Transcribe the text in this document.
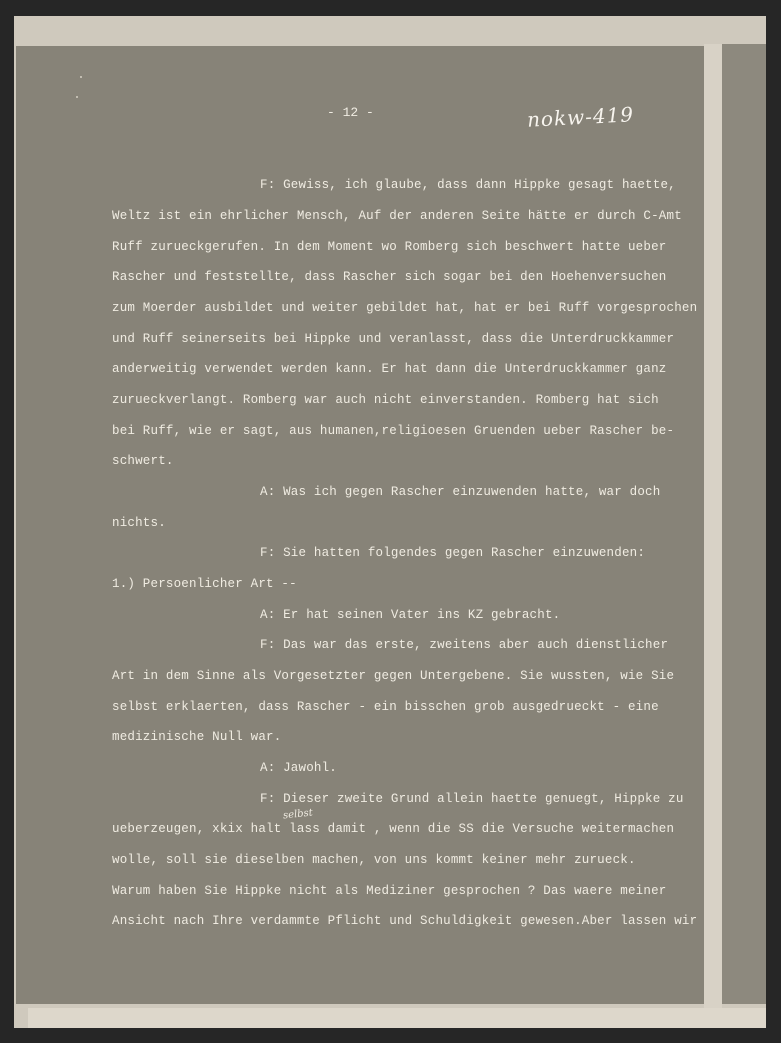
- 12 -	nokw-419
F: Gewiss, ich glaube, dass dann Hippke gesagt haette,
Weltz ist ein ehrlicher Mensch, Auf der anderen Seite hätte er durch C-Amt
Ruff zurueckgerufen. In dem Moment wo Romberg sich beschwert hatte ueber
Rascher und feststellte, dass Rascher sich sogar bei den Hoehenversuchen
zum Moerder ausbildet und weiter gebildet hat, hat er bei Ruff vorgesprochen
und Ruff seinerseits bei Hippke und veranlasst, dass die Unterdruckkammer
anderweitig verwendet werden kann. Er hat dann die Unterdruckkammer ganz
zurueckverlangt. Romberg war auch nicht einverstanden. Romberg hat sich
bei Ruff, wie er sagt, aus humanen,religioesen Gruenden ueber Rascher be-
schwert.
A: Was ich gegen Rascher einzuwenden hatte, war doch
nichts.
F: Sie hatten folgendes gegen Rascher einzuwenden:
1.) Persoenlicher Art --
A: Er hat seinen Vater ins KZ gebracht.
F: Das war das erste, zweitens aber auch dienstlicher
Art in dem Sinne als Vorgesetzter gegen Untergebene. Sie wussten, wie Sie
selbst erklaerten, dass Rascher - ein bisschen grob ausgedrueckt - eine
medizinische Null war.
A: Jawohl.
F: Dieser zweite Grund allein haette genuegt, Hippke zu
selbst
ueberzeugen, xkix halt lass damit , wenn die SS die Versuche weitermachen
wolle, soll sie dieselben machen, von uns kommt keiner mehr zurueck.
Warum haben Sie Hippke nicht als Mediziner gesprochen ? Das waere meiner
Ansicht nach Ihre verdammte Pflicht und Schuldigkeit gewesen.Aber lassen wir
